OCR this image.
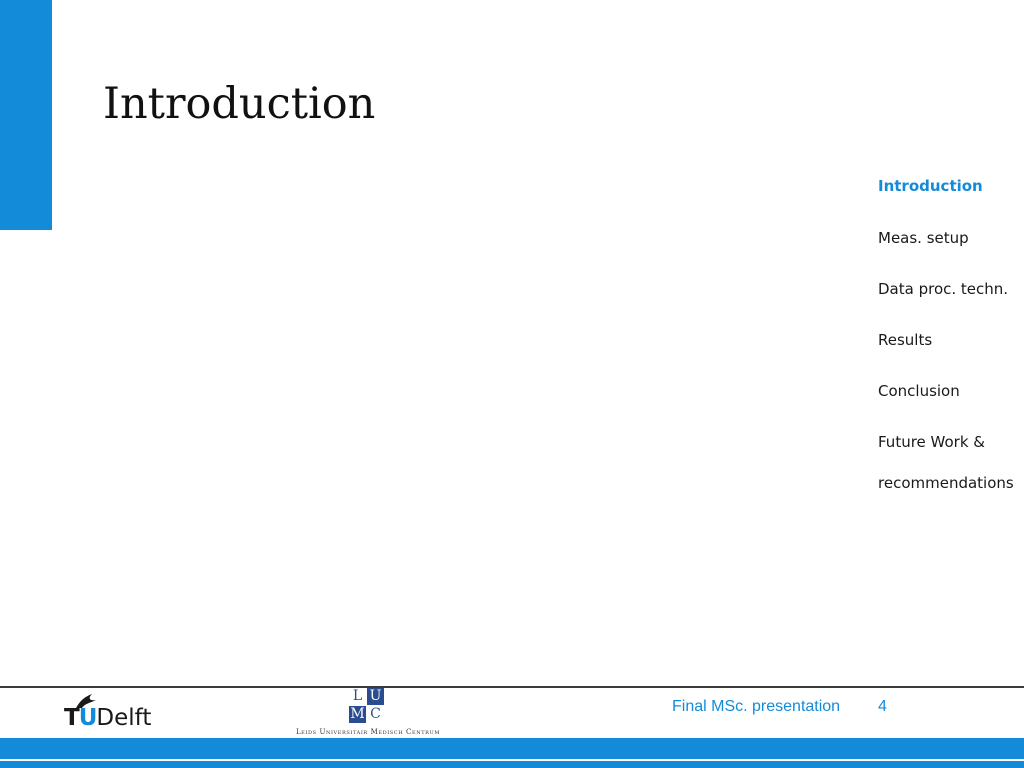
Introduction
Introduction
Meas. setup
Data proc. techn.
Results
Conclusion
Future Work &
recommendations
TUDelft
L U
M C
Leids Universitair Medisch Centrum
Final MSc. presentation 4
